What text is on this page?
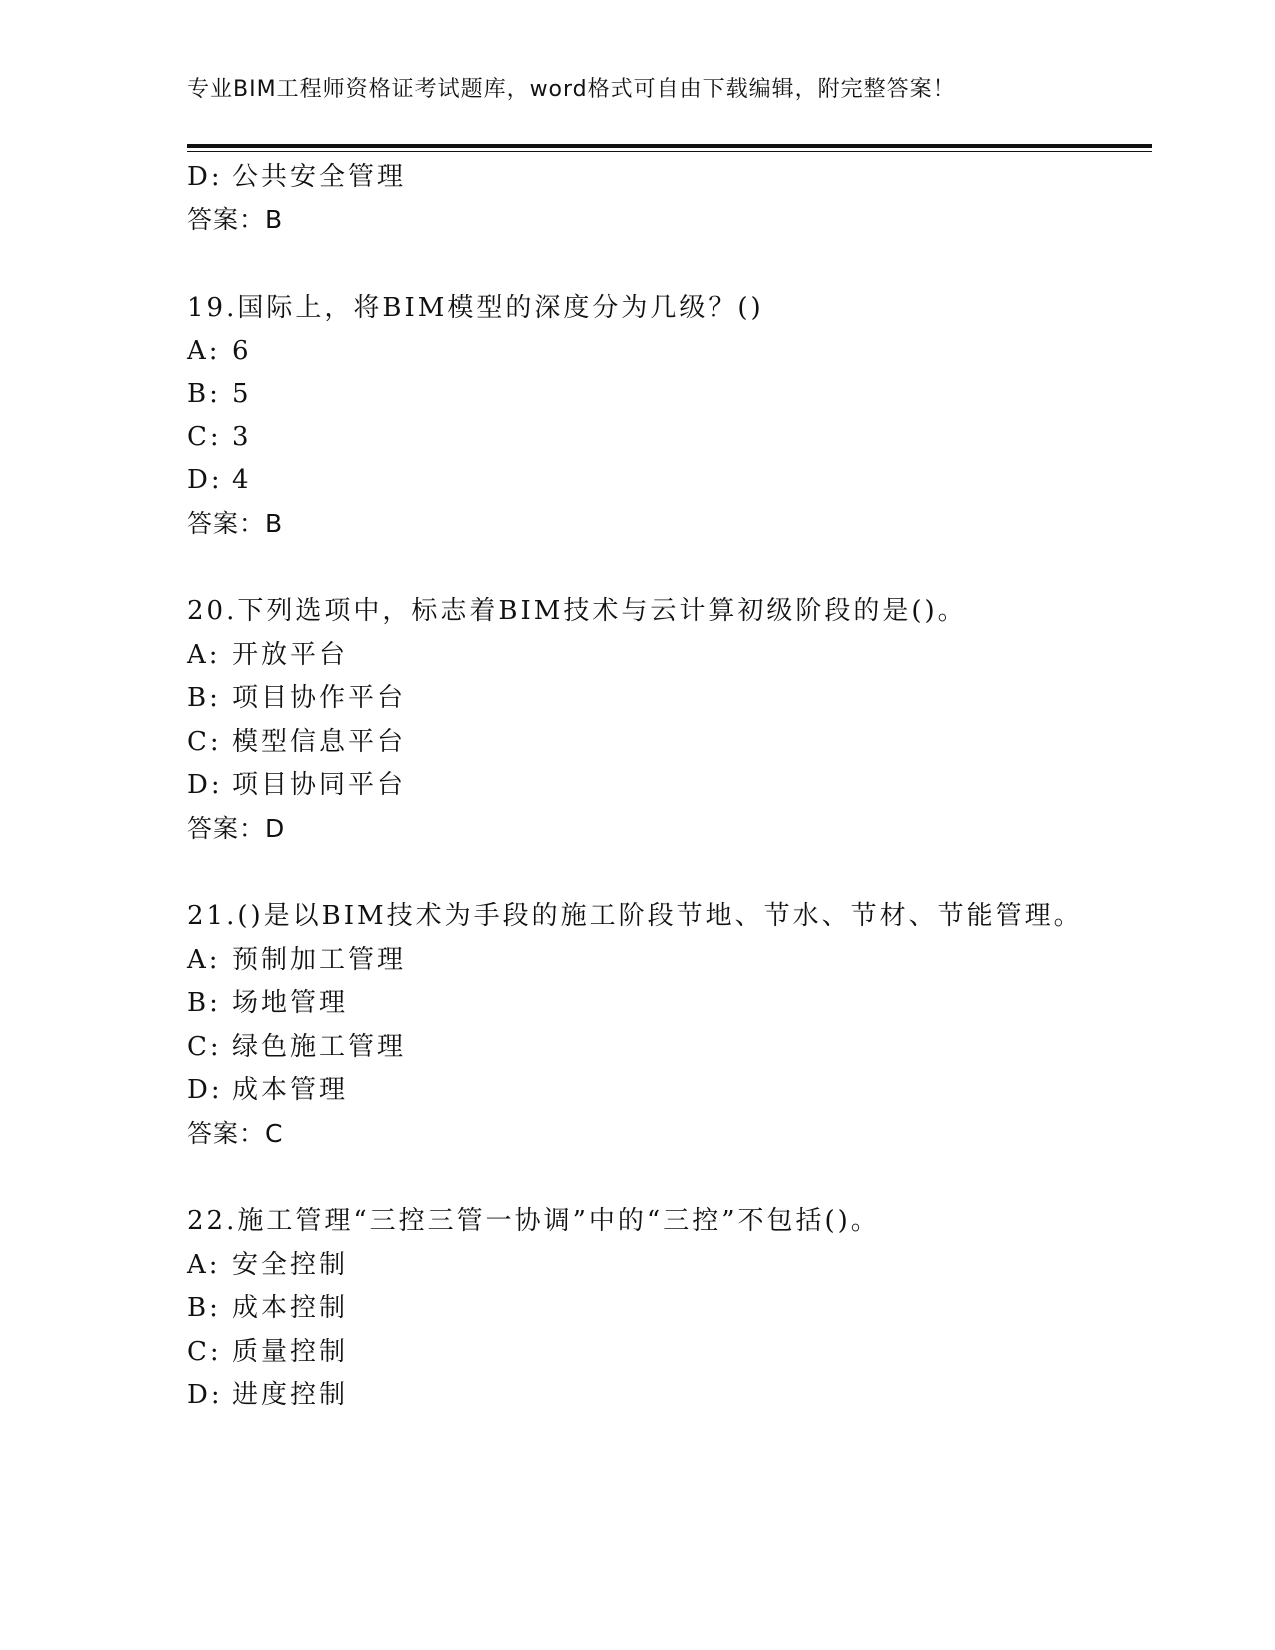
专业BIM工程师资格证考试题库，word格式可自由下载编辑，附完整答案！
D: 公共安全管理
答案：B
19.国际上，将BIM模型的深度分为几级？()
A: 6
B: 5
C: 3
D: 4
答案：B
20.下列选项中，标志着BIM技术与云计算初级阶段的是()。
A: 开放平台
B: 项目协作平台
C: 模型信息平台
D: 项目协同平台
答案：D
21.()是以BIM技术为手段的施工阶段节地、节水、节材、节能管理。
A: 预制加工管理
B: 场地管理
C: 绿色施工管理
D: 成本管理
答案：C
22.施工管理“三控三管一协调”中的“三控”不包括()。
A: 安全控制
B: 成本控制
C: 质量控制
D: 进度控制
